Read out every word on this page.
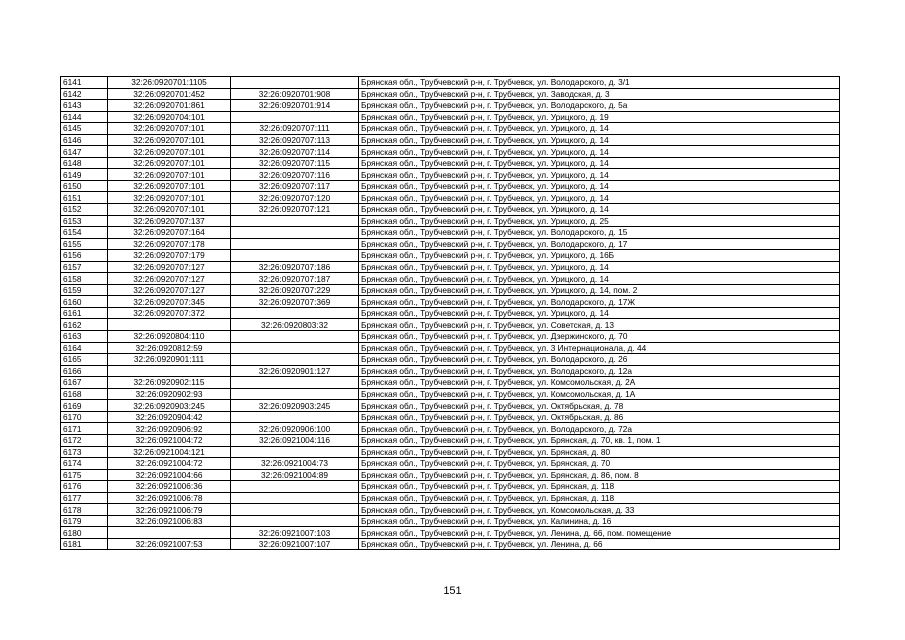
6141	32:26:0920701:1105		Брянская обл., Трубчевский р-н, г. Трубчевск, ул. Володарского, д. 3/1
6142	32:26:0920701:452	32:26:0920701:908	Брянская обл., Трубчевский р-н, г. Трубчевск, ул. Заводская, д. 3
6143	32:26:0920701:861	32:26:0920701:914	Брянская обл., Трубчевский р-н, г. Трубчевск, ул. Володарского, д. 5а
6144	32:26:0920704:101		Брянская обл., Трубчевский р-н, г. Трубчевск, ул. Урицкого, д. 19
6145	32:26:0920707:101	32:26:0920707:111	Брянская обл., Трубчевский р-н, г. Трубчевск, ул. Урицкого, д. 14
6146	32:26:0920707:101	32:26:0920707:113	Брянская обл., Трубчевский р-н, г. Трубчевск, ул. Урицкого, д. 14
6147	32:26:0920707:101	32:26:0920707:114	Брянская обл., Трубчевский р-н, г. Трубчевск, ул. Урицкого, д. 14
6148	32:26:0920707:101	32:26:0920707:115	Брянская обл., Трубчевский р-н, г. Трубчевск, ул. Урицкого, д. 14
6149	32:26:0920707:101	32:26:0920707:116	Брянская обл., Трубчевский р-н, г. Трубчевск, ул. Урицкого, д. 14
6150	32:26:0920707:101	32:26:0920707:117	Брянская обл., Трубчевский р-н, г. Трубчевск, ул. Урицкого, д. 14
6151	32:26:0920707:101	32:26:0920707:120	Брянская обл., Трубчевский р-н, г. Трубчевск, ул. Урицкого, д. 14
6152	32:26:0920707:101	32:26:0920707:121	Брянская обл., Трубчевский р-н, г. Трубчевск, ул. Урицкого, д. 14
6153	32:26:0920707:137		Брянская обл., Трубчевский р-н, г. Трубчевск, ул. Урицкого, д. 25
6154	32:26:0920707:164		Брянская обл., Трубчевский р-н, г. Трубчевск, ул. Володарского, д. 15
6155	32:26:0920707:178		Брянская обл., Трубчевский р-н, г. Трубчевск, ул. Володарского, д. 17
6156	32:26:0920707:179		Брянская обл., Трубчевский р-н, г. Трубчевск, ул. Урицкого, д. 16Б
6157	32:26:0920707:127	32:26:0920707:186	Брянская обл., Трубчевский р-н, г. Трубчевск, ул. Урицкого, д. 14
6158	32:26:0920707:127	32:26:0920707:187	Брянская обл., Трубчевский р-н, г. Трубчевск, ул. Урицкого, д. 14
6159	32:26:0920707:127	32:26:0920707:229	Брянская обл., Трубчевский р-н, г. Трубчевск, ул. Урицкого, д. 14, пом. 2
6160	32:26:0920707:345	32:26:0920707:369	Брянская обл., Трубчевский р-н, г. Трубчевск, ул. Володарского, д. 17Ж
6161	32:26:0920707:372		Брянская обл., Трубчевский р-н, г. Трубчевск, ул. Урицкого, д. 14
6162		32:26:0920803:32	Брянская обл., Трубчевский р-н, г. Трубчевск, ул. Советская, д. 13
6163	32:26:0920804:110		Брянская обл., Трубчевский р-н, г. Трубчевск, ул. Дзержинского, д. 70
6164	32:26:0920812:59		Брянская обл., Трубчевский р-н, г. Трубчевск, ул. 3 Интернационала, д. 44
6165	32:26:0920901:111		Брянская обл., Трубчевский р-н, г. Трубчевск, ул. Володарского, д. 26
6166		32:26:0920901:127	Брянская обл., Трубчевский р-н, г. Трубчевск, ул. Володарского, д. 12а
6167	32:26:0920902:115		Брянская обл., Трубчевский р-н, г. Трубчевск, ул. Комсомольская, д. 2А
6168	32:26:0920902:93		Брянская обл., Трубчевский р-н, г. Трубчевск, ул. Комсомольская, д. 1А
6169	32:26:0920903:245	32:26:0920903:245	Брянская обл., Трубчевский р-н, г. Трубчевск, ул. Октябрьская, д. 78
6170	32:26:0920904:42		Брянская обл., Трубчевский р-н, г. Трубчевск, ул. Октябрьская, д. 86
6171	32:26:0920906:92	32:26:0920906:100	Брянская обл., Трубчевский р-н, г. Трубчевск, ул. Володарского, д. 72а
6172	32:26:0921004:72	32:26:0921004:116	Брянская обл., Трубчевский р-н, г. Трубчевск, ул. Брянская, д. 70, кв. 1, пом. 1
6173	32:26:0921004:121		Брянская обл., Трубчевский р-н, г. Трубчевск, ул. Брянская, д. 80
6174	32:26:0921004:72	32:26:0921004:73	Брянская обл., Трубчевский р-н, г. Трубчевск, ул. Брянская, д. 70
6175	32:26:0921004:66	32:26:0921004:89	Брянская обл., Трубчевский р-н, г. Трубчевск, ул. Брянская, д. 86, пом. 8
6176	32:26:0921006:36		Брянская обл., Трубчевский р-н, г. Трубчевск, ул. Брянская, д. 118
6177	32:26:0921006:78		Брянская обл., Трубчевский р-н, г. Трубчевск, ул. Брянская, д. 118
6178	32:26:0921006:79		Брянская обл., Трубчевский р-н, г. Трубчевск, ул. Комсомольская, д. 33
6179	32:26:0921006:83		Брянская обл., Трубчевский р-н, г. Трубчевск, ул. Калинина, д. 16
6180		32:26:0921007:103	Брянская обл., Трубчевский р-н, г. Трубчевск, ул. Ленина, д. 66, пом. помещение
6181	32:26:0921007:53	32:26:0921007:107	Брянская обл., Трубчевский р-н, г. Трубчевск, ул. Ленина, д. 66
151
